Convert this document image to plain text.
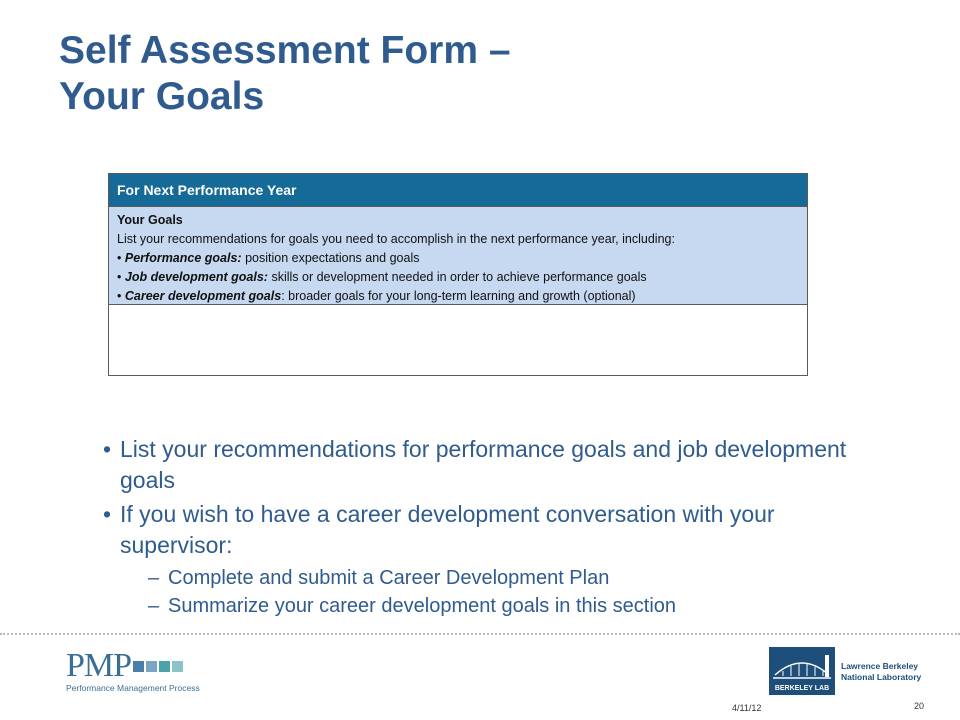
Self Assessment Form –
Your Goals
For Next Performance Year
Your Goals
List your recommendations for goals you need to accomplish in the next performance year, including:
• Performance goals: position expectations and goals
• Job development goals: skills or development needed in order to achieve performance goals
• Career development goals: broader goals for your long-term learning and growth (optional)
• List your recommendations for performance goals and job development goals
• If you wish to have a career development conversation with your supervisor:
– Complete and submit a Career Development Plan
– Summarize your career development goals in this section
PMP
Performance Management Process
4/11/12	20
BERKELEY LAB
Lawrence Berkeley
National Laboratory
